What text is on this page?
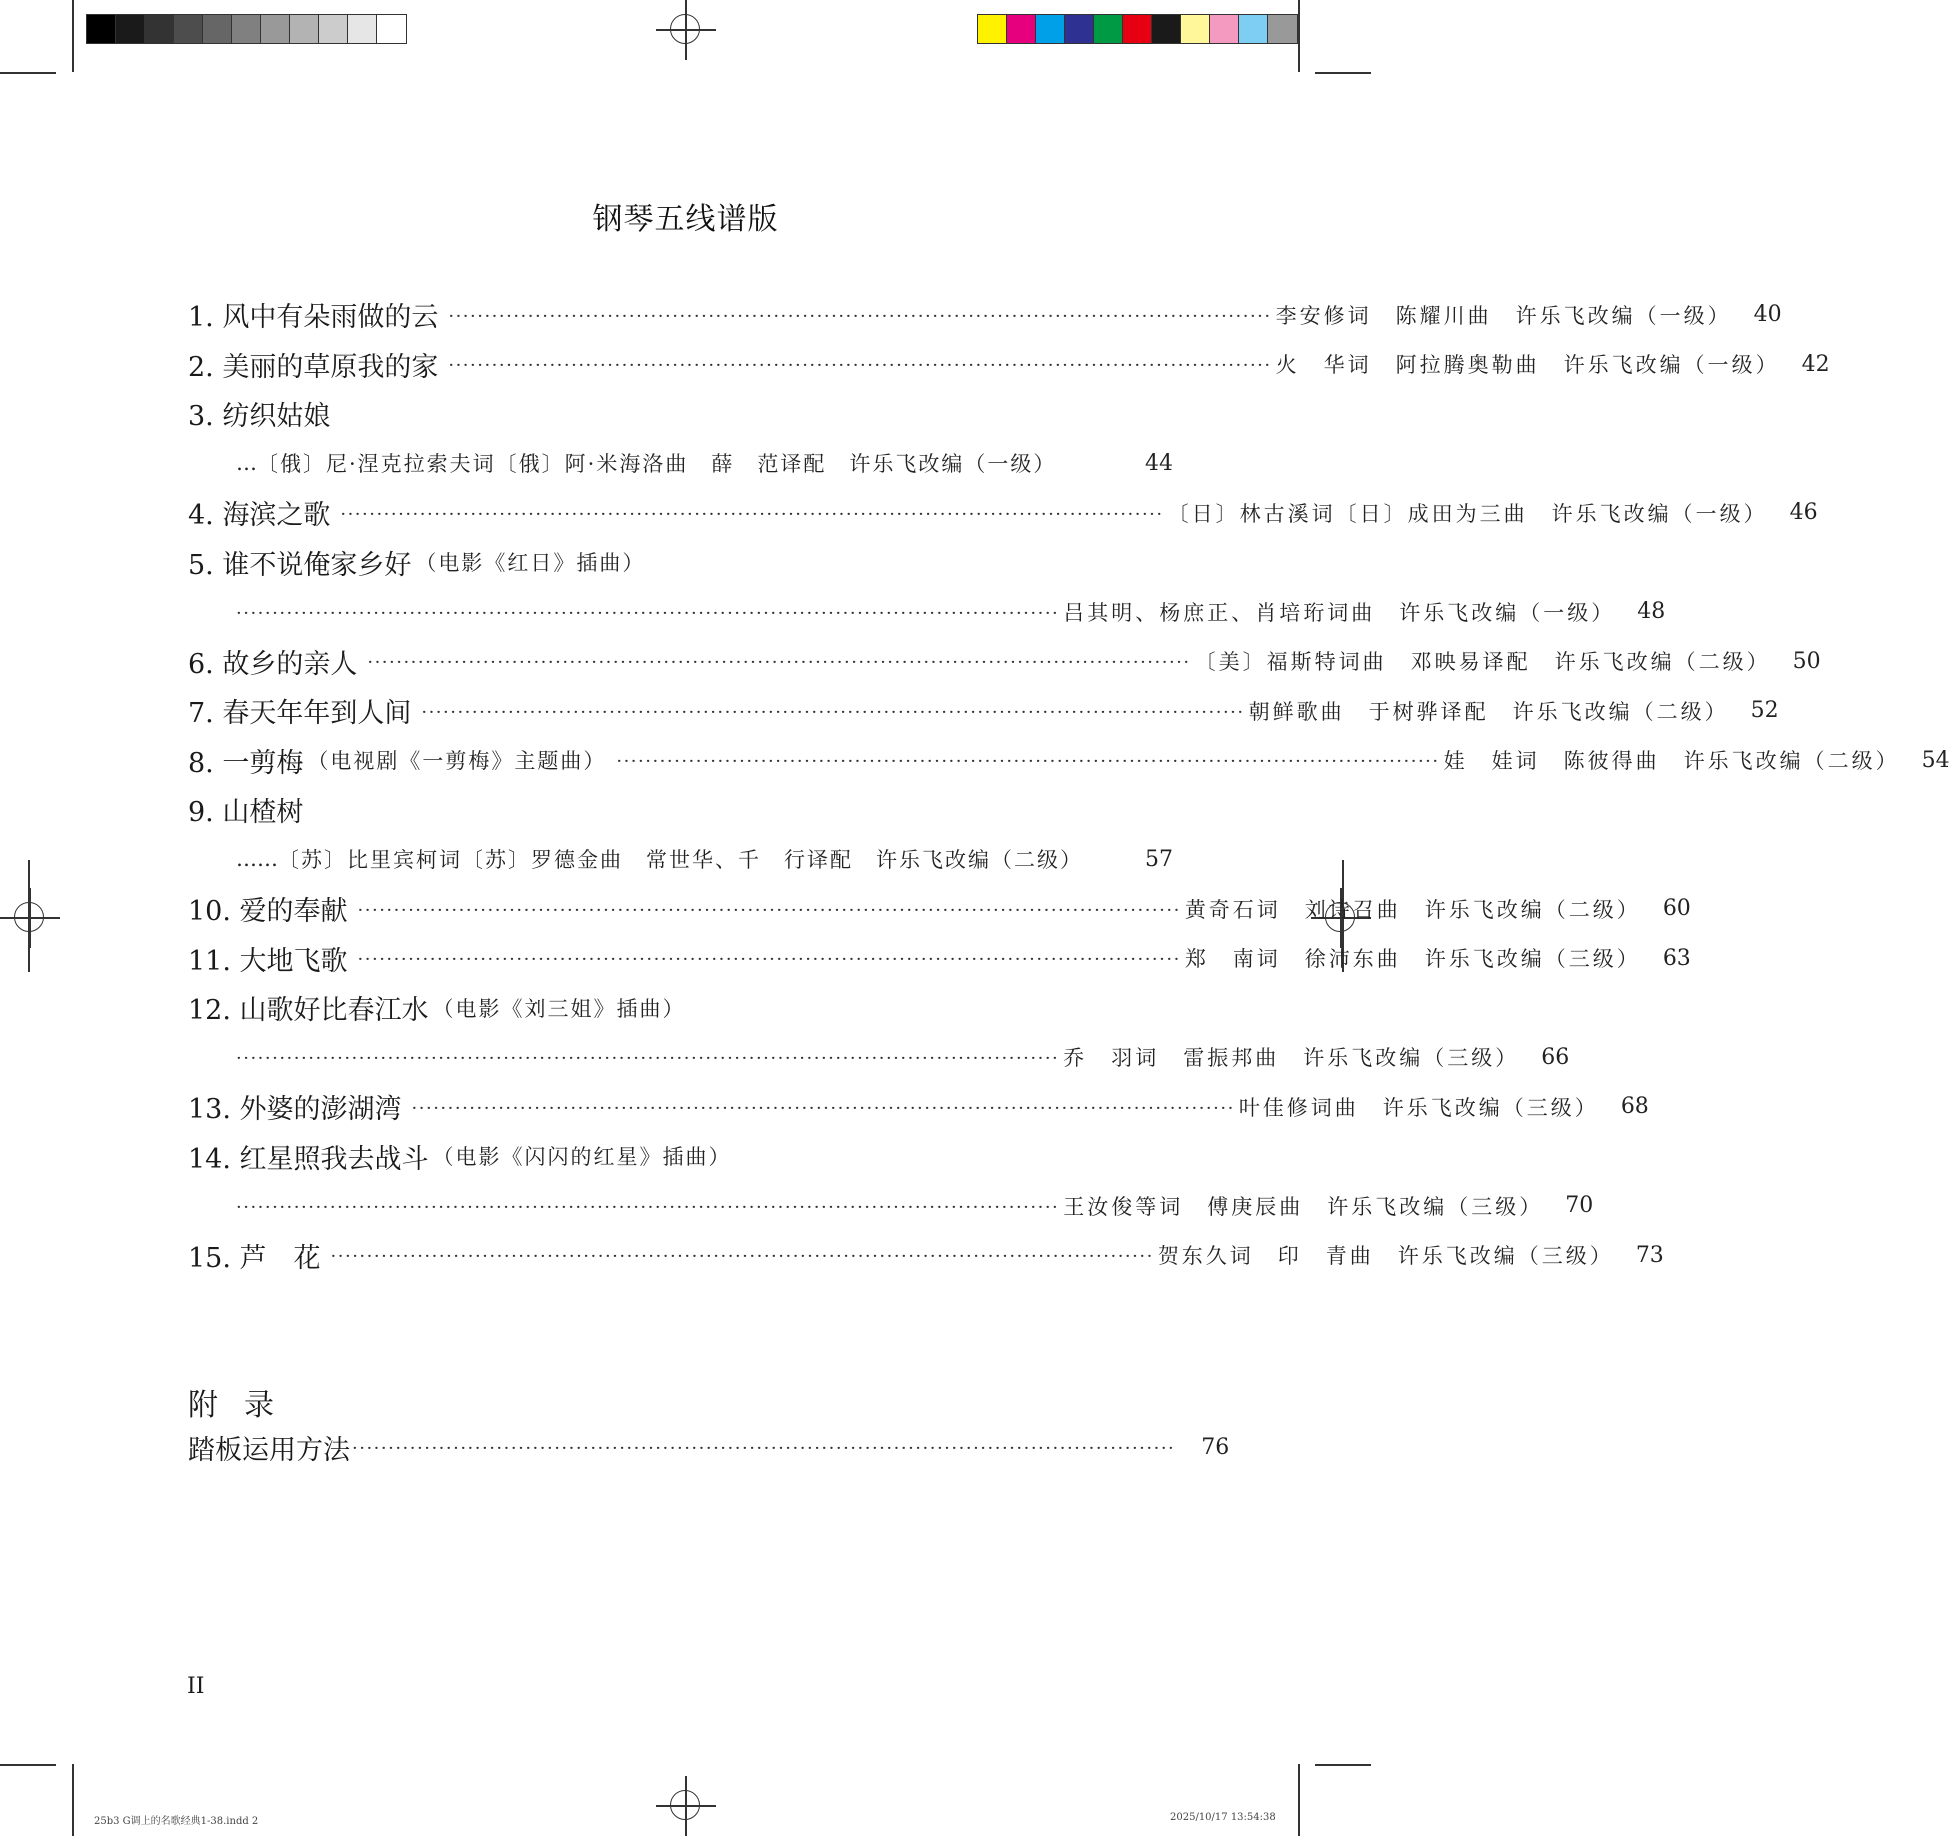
钢琴五线谱版
1. 风中有朵雨做的云 ·················································································································· 李安修词　陈耀川曲　许乐飞改编（一级）	40
2. 美丽的草原我的家 ·················································································································· 火　华词　阿拉腾奥勒曲　许乐飞改编（一级）	42
3. 纺织姑娘
… 〔俄〕尼·涅克拉索夫词〔俄〕阿·米海洛曲　薛　范译配　许乐飞改编（一级）	44
4. 海滨之歌 ·················································································································· 〔日〕林古溪词〔日〕成田为三曲　许乐飞改编（一级）	46
5. 谁不说俺家乡好 （电影《红日》插曲）
·················································································································· 吕其明、杨庶正、肖培珩词曲　许乐飞改编（一级）	48
6. 故乡的亲人 ·················································································································· 〔美〕福斯特词曲　邓映易译配　许乐飞改编（二级）	50
7. 春天年年到人间 ·················································································································· 朝鲜歌曲　于树骅译配　许乐飞改编（二级）	52
8. 一剪梅 （电视剧《一剪梅》主题曲） ·················································································································· 娃　娃词　陈彼得曲　许乐飞改编（二级）	54
9. 山楂树
…… 〔苏〕比里宾柯词〔苏〕罗德金曲　常世华、千　行译配　许乐飞改编（二级）	57
10. 爱的奉献 ·················································································································· 黄奇石词　刘诗召曲　许乐飞改编（二级）	60
11. 大地飞歌 ·················································································································· 郑　南词　徐沛东曲　许乐飞改编（三级）	63
12. 山歌好比春江水 （电影《刘三姐》插曲）
·················································································································· 乔　羽词　雷振邦曲　许乐飞改编（三级）	66
13. 外婆的澎湖湾 ·················································································································· 叶佳修词曲　许乐飞改编（三级）	68
14. 红星照我去战斗 （电影《闪闪的红星》插曲）
·················································································································· 王汝俊等词　傅庚辰曲　许乐飞改编（三级）	70
15. 芦　花 ·················································································································· 贺东久词　印　青曲　许乐飞改编（三级）	73
附录
踏板运用方法 ··················································································································	76
II
25b3 G调上的名歌经典1-38.indd 2	2025/10/17 13:54:38
